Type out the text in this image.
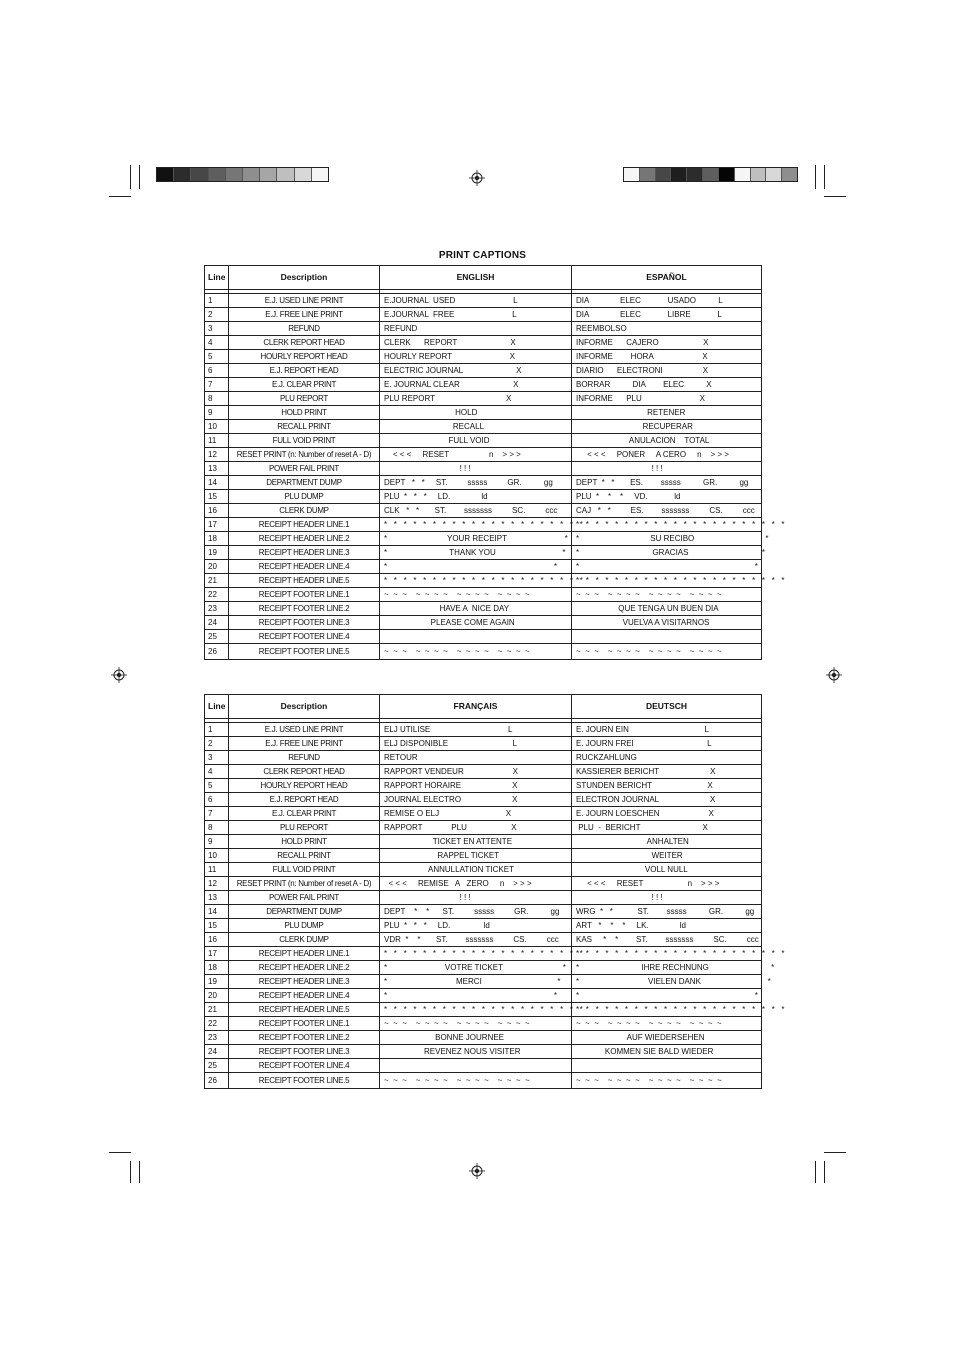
PRINT CAPTIONS
Line	Description	ENGLISH	ESPAÑOL

1	E.J. USED LINE PRINT	E.JOURNAL  USED                          L	DIA              ELEC            USADO          L
2	E.J. FREE LINE PRINT	E.JOURNAL  FREE                          L	DIA              ELEC            LIBRE            L
3	REFUND	REFUND	REEMBOLSO
4	CLERK REPORT HEAD	CLERK      REPORT                        X	INFORME      CAJERO                    X
5	HOURLY REPORT HEAD	HOURLY REPORT                          X	INFORME        HORA                      X
6	E.J. REPORT HEAD	ELECTRIC JOURNAL                        X	DIARIO      ELECTRONI                  X
7	E.J. CLEAR PRINT	E. JOURNAL CLEAR                        X	BORRAR          DIA        ELEC          X
8	PLU REPORT	PLU REPORT                                X	INFORME      PLU                          X
9	HOLD PRINT	HOLD	RETENER
10	RECALL PRINT	RECALL	RECUPERAR
11	FULL VOID PRINT	FULL VOID	ANULACION    TOTAL
12	RESET PRINT (n: Number of reset A - D)	< < <     RESET                  n    > > >	< < <     PONER     A CERO     n    > > >
13	POWER FAIL PRINT	! ! !	! ! !
14	DEPARTMENT DUMP	DEPT   *   *     ST.         sssss         GR.          gg	DEPT  *   *       ES.        sssss          GR.          gg
15	PLU DUMP	PLU  *   *   *     LD.              ld	PLU  *    *    *     VD.            ld
16	CLERK DUMP	CLK   *   *       ST.        sssssss         SC.         ccc	CAJ   *   *         ES.        sssssss         CS.         ccc
17	RECEIPT HEADER LINE.1	*   *   *   *   *   *   *   *   *   *   *   *   *   *   *   *   *   *   *   *   *	*   *   *   *   *   *   *   *   *   *   *   *   *   *   *   *   *   *   *   *   *   *
18	RECEIPT HEADER LINE.2	*                           YOUR RECEIPT                          *	*                                SU RECIBO                                *
19	RECEIPT HEADER LINE.3	*                            THANK YOU                              *	*                                 GRACIAS                                 *
20	RECEIPT HEADER LINE.4	*                                                                           *	*                                                                               *
21	RECEIPT HEADER LINE.5	*   *   *   *   *   *   *   *   *   *   *   *   *   *   *   *   *   *   *   *   *	*   *   *   *   *   *   *   *   *   *   *   *   *   *   *   *   *   *   *   *   *   *
22	RECEIPT FOOTER LINE.1	~  ~  ~    ~  ~  ~  ~    ~  ~  ~  ~    ~  ~  ~  ~	~  ~  ~    ~  ~  ~  ~    ~  ~  ~  ~    ~  ~  ~  ~
23	RECEIPT FOOTER LINE.2	HAVE A  NICE DAY	QUE TENGA UN BUEN DIA
24	RECEIPT FOOTER LINE.3	PLEASE COME AGAIN	VUELVA A VISITARNOS
25	RECEIPT FOOTER LINE.4		
26	RECEIPT FOOTER LINE.5	~  ~  ~    ~  ~  ~  ~    ~  ~  ~  ~    ~  ~  ~  ~	~  ~  ~    ~  ~  ~  ~    ~  ~  ~  ~    ~  ~  ~  ~
Line	Description	FRANÇAIS	DEUTSCH

1	E.J. USED LINE PRINT	ELJ UTILISE                                   L	E. JOURN EIN                                  L
2	E.J. FREE LINE PRINT	ELJ DISPONIBLE                             L	E. JOURN FREI                                 L
3	REFUND	RETOUR	RUCKZAHLUNG
4	CLERK REPORT HEAD	RAPPORT VENDEUR                      X	KASSIERER BERICHT                       X
5	HOURLY REPORT HEAD	RAPPORT HORAIRE                       X	STUNDEN BERICHT                         X
6	E.J. REPORT HEAD	JOURNAL ELECTRO                       X	ELECTRON JOURNAL                       X
7	E.J. CLEAR PRINT	REMISE O ELJ                              X	E. JOURN LOESCHEN                      X
8	PLU REPORT	RAPPORT             PLU                    X	PLU  -  BERICHT                            X
9	HOLD PRINT	TICKET EN ATTENTE	ANHALTEN
10	RECALL PRINT	RAPPEL TICKET	WEITER
11	FULL VOID PRINT	ANNULLATION TICKET	VOLL NULL
12	RESET PRINT (n: Number of reset A - D)	< < <     REMISE   A   ZERO     n    > > >	< < <     RESET                    n    > > >
13	POWER FAIL PRINT	! ! !	! ! !
14	DEPARTMENT DUMP	DEPT    *    *      ST.         sssss         GR.          gg	WRG  *   *           ST.        sssss          GR.          gg
15	PLU DUMP	PLU  *   *   *     LD.               ld	ART   *    *    *     LK.              ld
16	CLERK DUMP	VDR  *    *       ST.        sssssss         CS.         ccc	KAS     *    *        ST.        sssssss         SC.         ccc
17	RECEIPT HEADER LINE.1	*   *   *   *   *   *   *   *   *   *   *   *   *   *   *   *   *   *   *   *   *	*   *   *   *   *   *   *   *   *   *   *   *   *   *   *   *   *   *   *   *   *   *
18	RECEIPT HEADER LINE.2	*                          VOTRE TICKET                           *	*                            IHRE RECHNUNG                            *
19	RECEIPT HEADER LINE.3	*                               MERCI                                  *	*                               VIELEN DANK                              *
20	RECEIPT HEADER LINE.4	*                                                                           *	*                                                                               *
21	RECEIPT HEADER LINE.5	*   *   *   *   *   *   *   *   *   *   *   *   *   *   *   *   *   *   *   *   *	*   *   *   *   *   *   *   *   *   *   *   *   *   *   *   *   *   *   *   *   *   *
22	RECEIPT FOOTER LINE.1	~  ~  ~    ~  ~  ~  ~    ~  ~  ~  ~    ~  ~  ~  ~	~  ~  ~    ~  ~  ~  ~    ~  ~  ~  ~    ~  ~  ~  ~
23	RECEIPT FOOTER LINE.2	BONNE JOURNEE	AUF WIEDERSEHEN
24	RECEIPT FOOTER LINE.3	REVENEZ NOUS VISITER	KOMMEN SIE BALD WIEDER
25	RECEIPT FOOTER LINE.4		
26	RECEIPT FOOTER LINE.5	~  ~  ~    ~  ~  ~  ~    ~  ~  ~  ~    ~  ~  ~  ~	~  ~  ~    ~  ~  ~  ~    ~  ~  ~  ~    ~  ~  ~  ~
